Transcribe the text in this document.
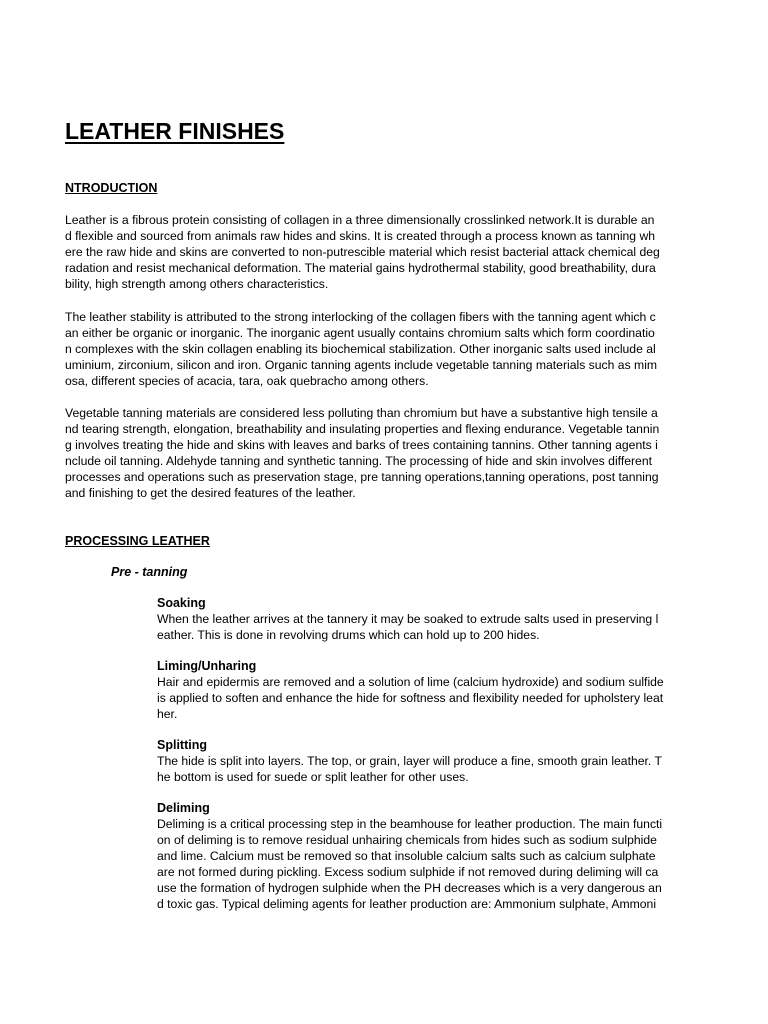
LEATHER FINISHES
NTRODUCTION

Leather is a fibrous protein consisting of collagen in a three dimensionally crosslinked network.It is durable an
d flexible and sourced from animals raw hides and skins. It is created through a process known as tanning wh
ere the raw hide and skins are converted to non-putrescible material which resist bacterial attack chemical deg
radation and resist mechanical deformation. The material gains hydrothermal stability, good breathability, dura
bility, high strength among others characteristics.

The leather stability is attributed to the strong interlocking of the collagen fibers with the tanning agent which c
an either be organic or inorganic. The inorganic agent usually contains chromium salts which form coordinatio
n complexes with the skin collagen enabling its biochemical stabilization. Other inorganic salts used include al
uminium, zirconium, silicon and iron. Organic tanning agents include vegetable tanning materials such as mim
osa, different species of acacia, tara, oak quebracho among others.

Vegetable tanning materials are considered less polluting than chromium but have a substantive high tensile a
nd tearing strength, elongation, breathability and insulating properties and flexing endurance. Vegetable tannin
g involves treating the hide and skins with leaves and barks of trees containing tannins. Other tanning agents i
nclude oil tanning. Aldehyde tanning and synthetic tanning. The processing of hide and skin involves different
processes and operations such as preservation stage, pre tanning operations,tanning operations, post tanning
and finishing to get the desired features of the leather.

PROCESSING LEATHER
Pre - tanning
Soaking
When the leather arrives at the tannery it may be soaked to extrude salts used in preserving l
eather. This is done in revolving drums which can hold up to 200 hides.
Liming/Unharing
Hair and epidermis are removed and a solution of lime (calcium hydroxide) and sodium sulfide
is applied to soften and enhance the hide for softness and flexibility needed for upholstery leat
her.
Splitting
The hide is split into layers. The top, or grain, layer will produce a fine, smooth grain leather. T
he bottom is used for suede or split leather for other uses.
Deliming
Deliming is a critical processing step in the beamhouse for leather production. The main functi
on of deliming is to remove residual unhairing chemicals from hides such as sodium sulphide
and lime. Calcium must be removed so that insoluble calcium salts such as calcium sulphate
are not formed during pickling. Excess sodium sulphide if not removed during deliming will ca
use the formation of hydrogen sulphide when the PH decreases which is a very dangerous an
d toxic gas. Typical deliming agents for leather production are: Ammonium sulphate, Ammoni
